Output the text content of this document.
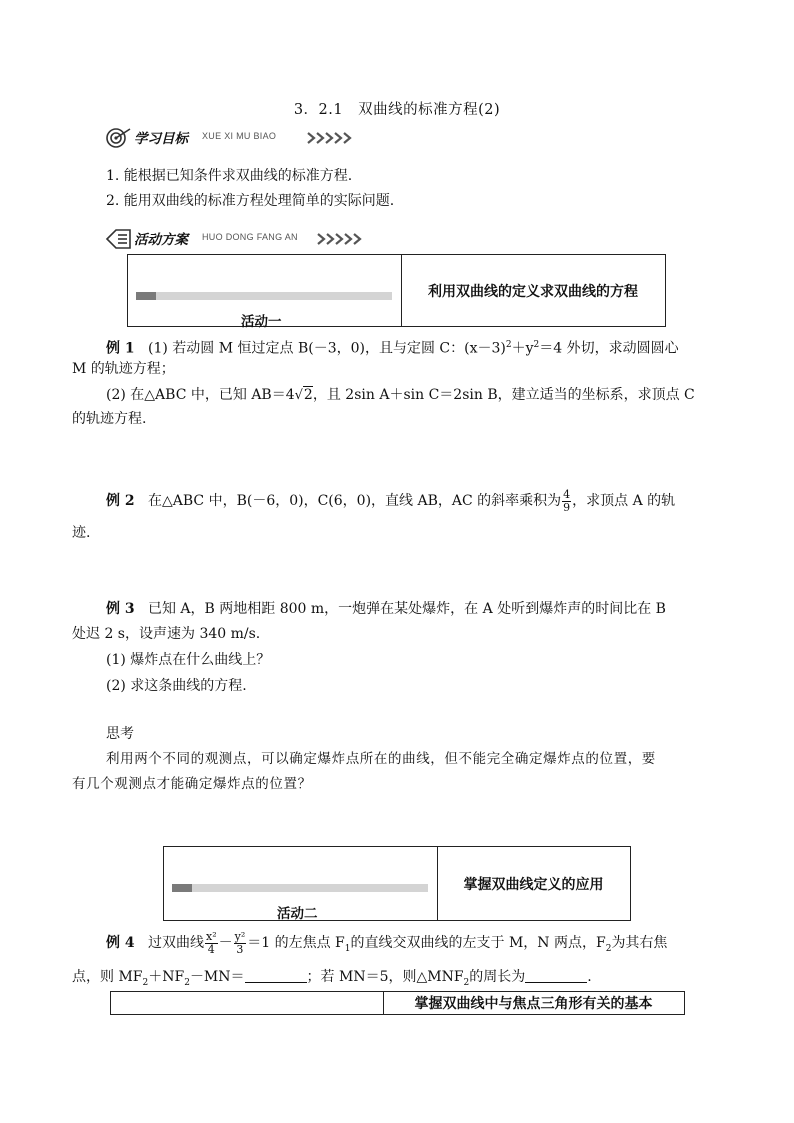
3．2.1　双曲线的标准方程(2)
学习目标 XUE XI MU BIAO
1. 能根据已知条件求双曲线的标准方程.
2. 能用双曲线的标准方程处理简单的实际问题.
活动方案 HUO DONG FANG AN
活动一
利用双曲线的定义求双曲线的方程
例 1 (1) 若动圆 M 恒过定点 B(－3，0)，且与定圆 C：$(x-3)^2+y^2=4$ 外切，求动圆圆心
M 的轨迹方程；
(2) 在△ABC 中，已知 AB＝4√2，且 2sin A＋sin C＝2sin B，建立适当的坐标系，求顶点 C
的轨迹方程.
例 2 在△ABC 中，B(－6，0)，C(6，0)，直线 AB，AC 的斜率乘积为 $\frac{4}{9}$ ，求顶点 A 的轨
迹.
例 3 已知 A，B 两地相距 800 m，一炮弹在某处爆炸，在 A 处听到爆炸声的时间比在 B
处迟 2 s，设声速为 340 m/s.
(1) 爆炸点在什么曲线上？
(2) 求这条曲线的方程.
思考
利用两个不同的观测点，可以确定爆炸点所在的曲线，但不能完全确定爆炸点的位置，要
有几个观测点才能确定爆炸点的位置？
活动二
掌握双曲线定义的应用
例 4 过双曲线 $\frac{\text{x²}}{4} - \frac{\text{y²}}{3} =1$ 的左焦点 $F_1$的直线交双曲线的左支于 M，N 两点，$F_2$为其右焦
点，则 $MF_2+NF_2-MN=$	；若 MN＝5，则$\triangle MNF_2$的周长为	.
掌握双曲线中与焦点三角形有关的基本
